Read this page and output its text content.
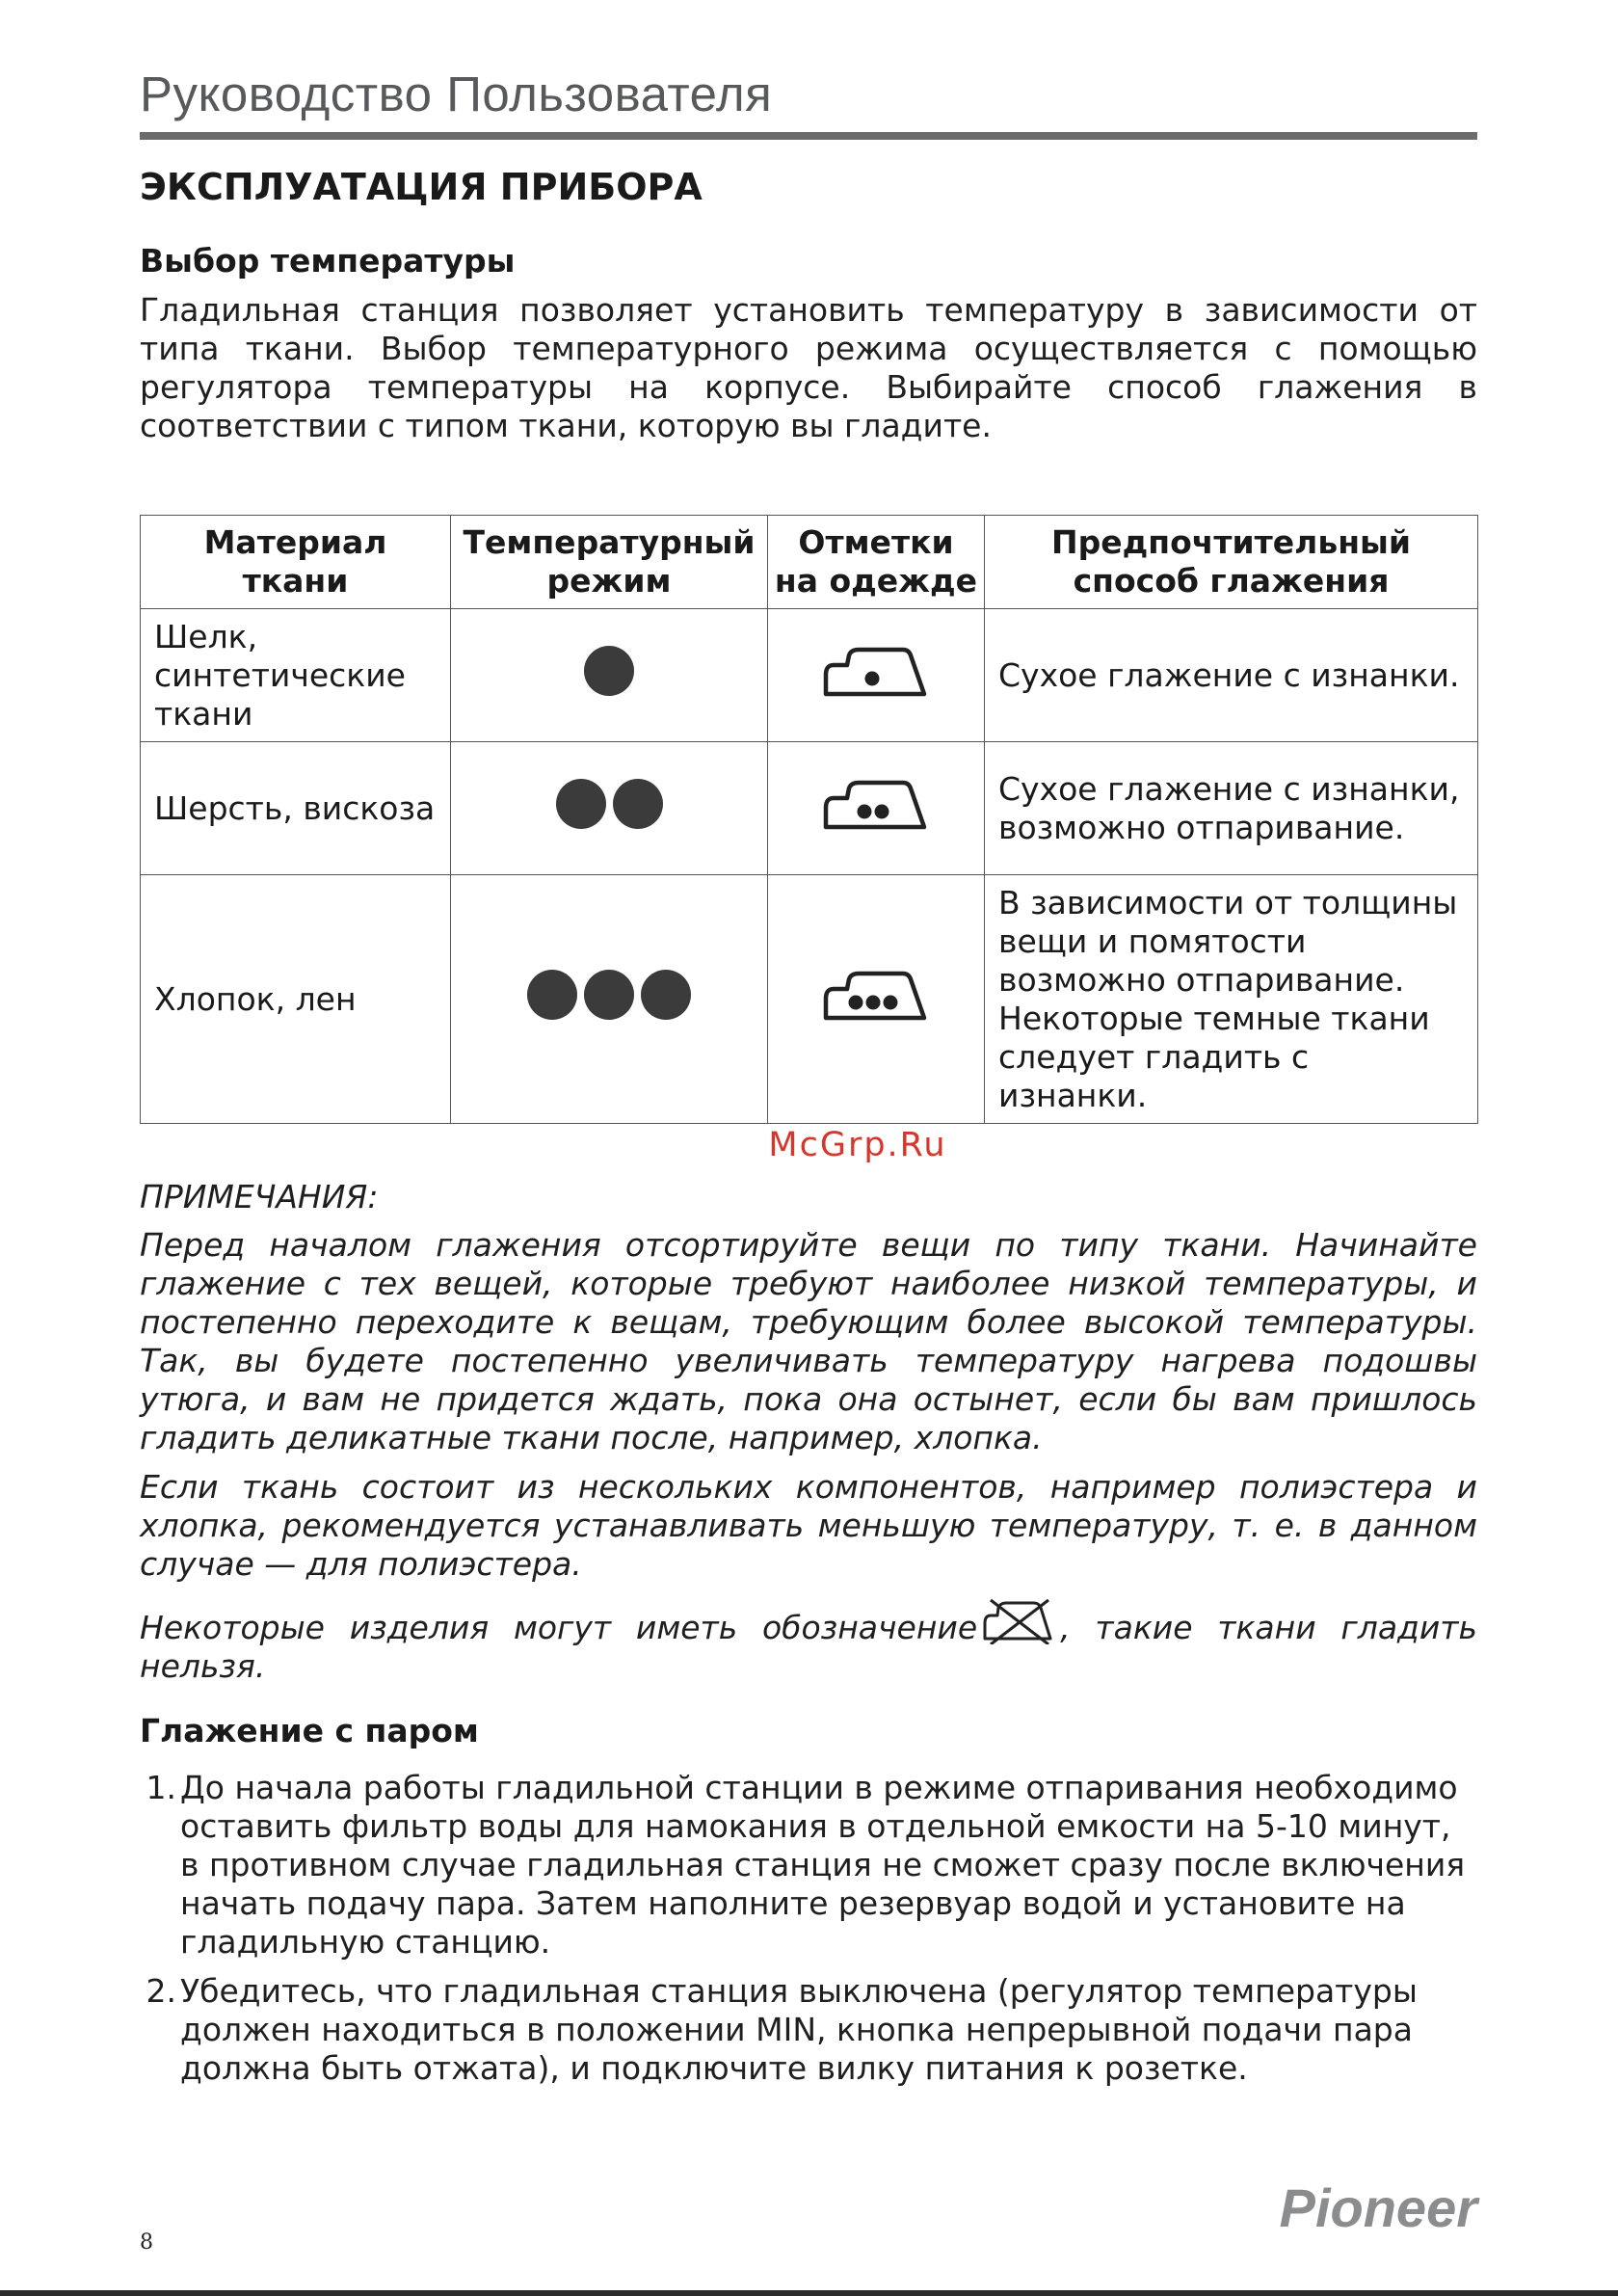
Руководство Пользователя
ЭКСПЛУАТАЦИЯ ПРИБОРА
Выбор температуры

Гладильная станция позволяет установить температуру в зависимости от типа ткани. Выбор температурного режима осуществляется с помощью регулятора температуры на корпусе. Выбирайте способ глажения в соответствии с типом ткани, которую вы гладите.

Материал ткани	Температурный режим	Отметки на одежде	Предпочтительный способ глажения
Шелк, синтетические ткани			Сухое глажение с изнанки.
Шерсть, вискоза			Сухое глажение с изнанки, возможно отпаривание.
Хлопок, лен			В зависимости от толщины вещи и помятости возможно отпаривание. Некоторые темные ткани следует гладить с изнанки.
McGrp.Ru

ПРИМЕЧАНИЯ:

Перед началом глажения отсортируйте вещи по типу ткани. Начинайте глажение с тех вещей, которые требуют наиболее низкой температуры, и постепенно переходите к вещам, требующим более высокой температуры. Так, вы будете постепенно увеличивать температуру нагрева подошвы утюга, и вам не придется ждать, пока она остынет, если бы вам пришлось гладить деликатные ткани после, например, хлопка.

Если ткань состоит из нескольких компонентов, например полиэстера и хлопка, рекомендуется устанавливать меньшую температуру, т. е. в данном случае — для полиэстера.

Некоторые изделия могут иметь обозначение	, такие ткани гладить нельзя.

Глажение с паром
1. До начала работы гладильной станции в режиме отпаривания необходимо оставить фильтр воды для намокания в отдельной емкости на 5-10 минут, в противном случае гладильная станция не сможет сразу после включения начать подачу пара. Затем наполните резервуар водой и установите на гладильную станцию.
2. Убедитесь, что гладильная станция выключена (регулятор температуры должен находиться в положении MIN, кнопка непрерывной подачи пара должна быть отжата), и подключите вилку питания к розетке.
Pioneer
8
